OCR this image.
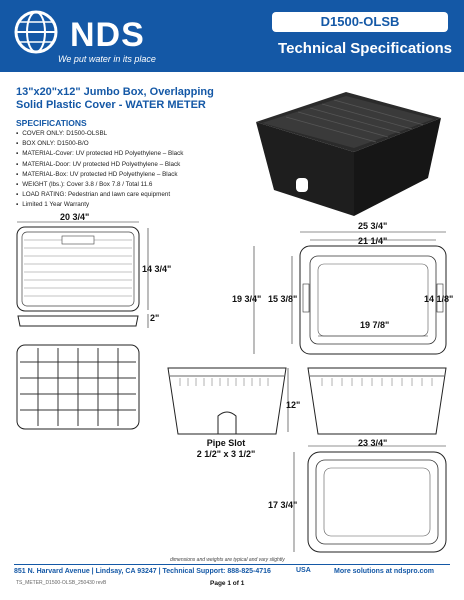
NDS
We put water in its place
D1500-OLSB
Technical Specifications
13"x20"x12" Jumbo Box, Overlapping
Solid Plastic Cover - WATER METER
SPECIFICATIONS
▪ COVER ONLY: D1500-OLSBL
▪ BOX ONLY: D1500-B/O
▪ MATERIAL-Cover: UV protected HD Polyethylene – Black
▪ MATERIAL-Door: UV protected HD Polyethylene – Black
▪ MATERIAL-Box: UV protected HD Polyethylene – Black
▪ WEIGHT (lbs.): Cover 3.8 / Box 7.8 / Total 11.6
▪ LOAD RATING: Pedestrian and lawn care equipment
▪ Limited 1 Year Warranty
20 3/4"
14 3/4"
2"
25 3/4"
21 1/4"
19 3/4" 15 3/8"	14 1/8"
19 7/8"
12"
23 3/4"
17 3/4"
Pipe Slot
2 1/2" x 3 1/2"
dimensions and weights are typical and vary slightly
851 N. Harvard Avenue | Lindsay, CA 93247 | Technical Support: 888-825-4716	USA	More solutions at ndspro.com
TS_METER_D1500-OLSB_250430 revB	Page 1 of 1
